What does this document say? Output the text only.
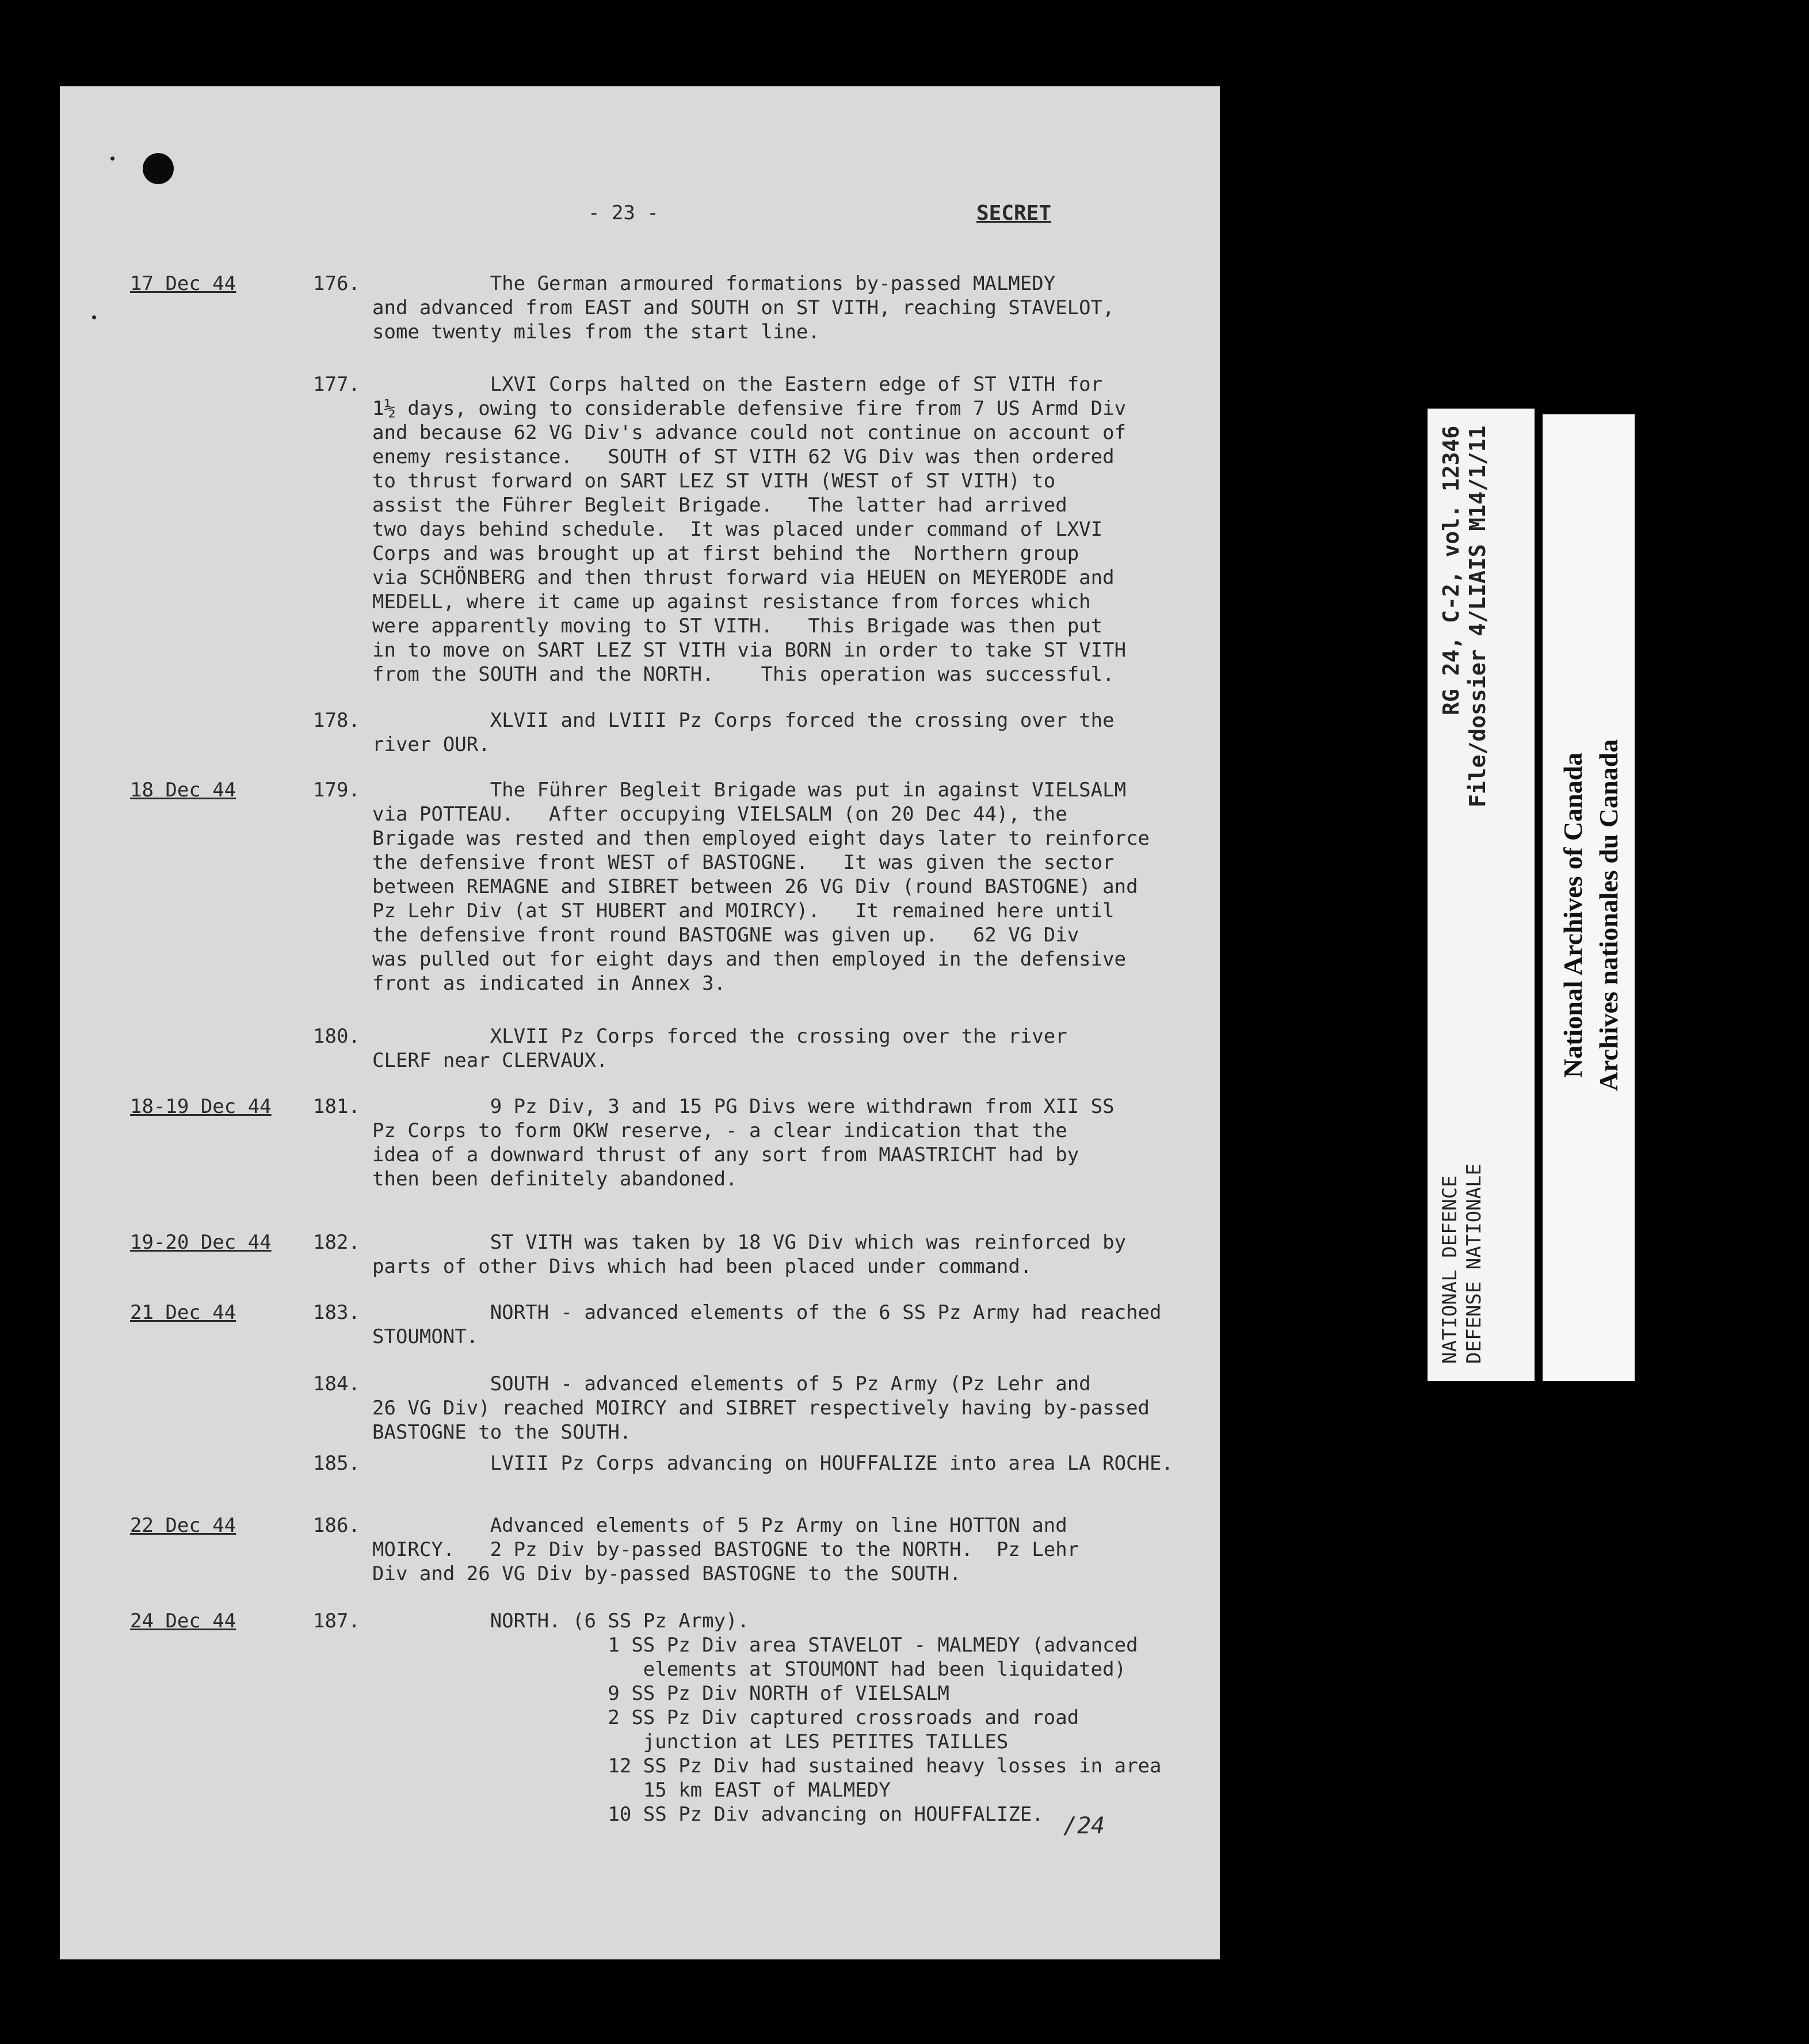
- 23 -	SECRET
17 Dec 44	176. The German armoured formations by-passed MALMEDY
and advanced from EAST and SOUTH on ST VITH, reaching STAVELOT,
some twenty miles from the start line.
177. LXVI Corps halted on the Eastern edge of ST VITH for
1½ days, owing to considerable defensive fire from 7 US Armd Div
and because 62 VG Div's advance could not continue on account of
enemy resistance.   SOUTH of ST VITH 62 VG Div was then ordered
to thrust forward on SART LEZ ST VITH (WEST of ST VITH) to
assist the Führer Begleit Brigade.   The latter had arrived
two days behind schedule.  It was placed under command of LXVI
Corps and was brought up at first behind the  Northern group
via SCHÖNBERG and then thrust forward via HEUEN on MEYERODE and
MEDELL, where it came up against resistance from forces which
were apparently moving to ST VITH.   This Brigade was then put
in to move on SART LEZ ST VITH via BORN in order to take ST VITH
from the SOUTH and the NORTH.    This operation was successful.
178. XLVII and LVIII Pz Corps forced the crossing over the
river OUR.
18 Dec 44	179. The Führer Begleit Brigade was put in against VIELSALM
via POTTEAU.   After occupying VIELSALM (on 20 Dec 44), the
Brigade was rested and then employed eight days later to reinforce
the defensive front WEST of BASTOGNE.   It was given the sector
between REMAGNE and SIBRET between 26 VG Div (round BASTOGNE) and
Pz Lehr Div (at ST HUBERT and MOIRCY).   It remained here until
the defensive front round BASTOGNE was given up.   62 VG Div
was pulled out for eight days and then employed in the defensive
front as indicated in Annex 3.
180. XLVII Pz Corps forced the crossing over the river
CLERF near CLERVAUX.
18-19 Dec 44 181. 9 Pz Div, 3 and 15 PG Divs were withdrawn from XII SS
Pz Corps to form OKW reserve, - a clear indication that the
idea of a downward thrust of any sort from MAASTRICHT had by
then been definitely abandoned.
19-20 Dec 44 182. ST VITH was taken by 18 VG Div which was reinforced by
parts of other Divs which had been placed under command.
21 Dec 44	183. NORTH - advanced elements of the 6 SS Pz Army had reached
STOUMONT.
184. SOUTH - advanced elements of 5 Pz Army (Pz Lehr and
26 VG Div) reached MOIRCY and SIBRET respectively having by-passed
BASTOGNE to the SOUTH.
185. LVIII Pz Corps advancing on HOUFFALIZE into area LA ROCHE.
22 Dec 44	186. Advanced elements of 5 Pz Army on line HOTTON and
MOIRCY.   2 Pz Div by-passed BASTOGNE to the NORTH.  Pz Lehr
Div and 26 VG Div by-passed BASTOGNE to the SOUTH.
24 Dec 44	187. NORTH. (6 SS Pz Army).
1 SS Pz Div area STAVELOT - MALMEDY (advanced
elements at STOUMONT had been liquidated)
9 SS Pz Div NORTH of VIELSALM
2 SS Pz Div captured crossroads and road
junction at LES PETITES TAILLES
12 SS Pz Div had sustained heavy losses in area
15 km EAST of MALMEDY
10 SS Pz Div advancing on HOUFFALIZE. /24
RG 24, C-2, vol. 12346
File/dossier 4/LIAIS M14/1/11
NATIONAL DEFENCE
DEFENSE NATIONALE
National Archives of Canada Archives nationales du Canada
